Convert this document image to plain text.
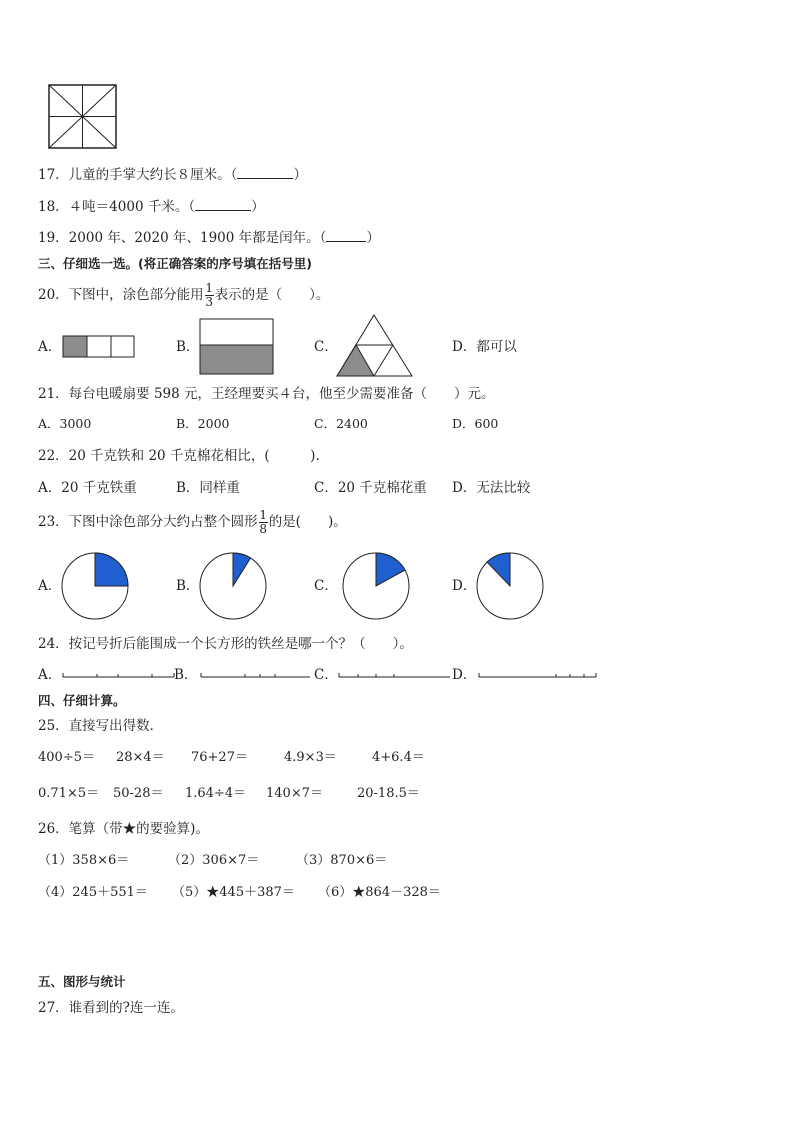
17．儿童的手掌大约长８厘米。（	）
18．４吨＝4000 千米。（	）
19．2000 年、2020 年、1900 年都是闰年。（	）
三、仔细选一选。(将正确答案的序号填在括号里)
20．下图中，涂色部分能用 $\frac{1}{3}$ 表示的是（　　）。
A．	B．	C．	D．都可以
21．每台电暖扇要 598 元，王经理要买４台，他至少需要准备（　　）元。
A．3000	B．2000	C．2400	D．600
22．20 千克铁和 20 千克棉花相比，(　　　).
A．20 千克铁重	B．同样重	C．20 千克棉花重 D．无法比较
23．下图中涂色部分大约占整个圆形 $\frac{1}{8}$ 的是(　　)。
A．	B．	C．	D．
24．按记号折后能围成一个长方形的铁丝是哪一个？（　　）。
A．	B．	C．	D．
四、仔细计算。
25．直接写出得数．
400÷5＝ 28×4＝ 76+27＝	4.9×3＝	4+6.4＝
0.71×5＝ 50-28＝ 1.64÷4＝ 140×7＝	20-18.5＝
26．笔算（带★的要验算)。
（1）358×6＝	（2）306×7＝	（3）870×6＝
（4）245＋551＝ （5）★445＋387＝ （6）★864－328＝
五、图形与统计
27．谁看到的?连一连。
